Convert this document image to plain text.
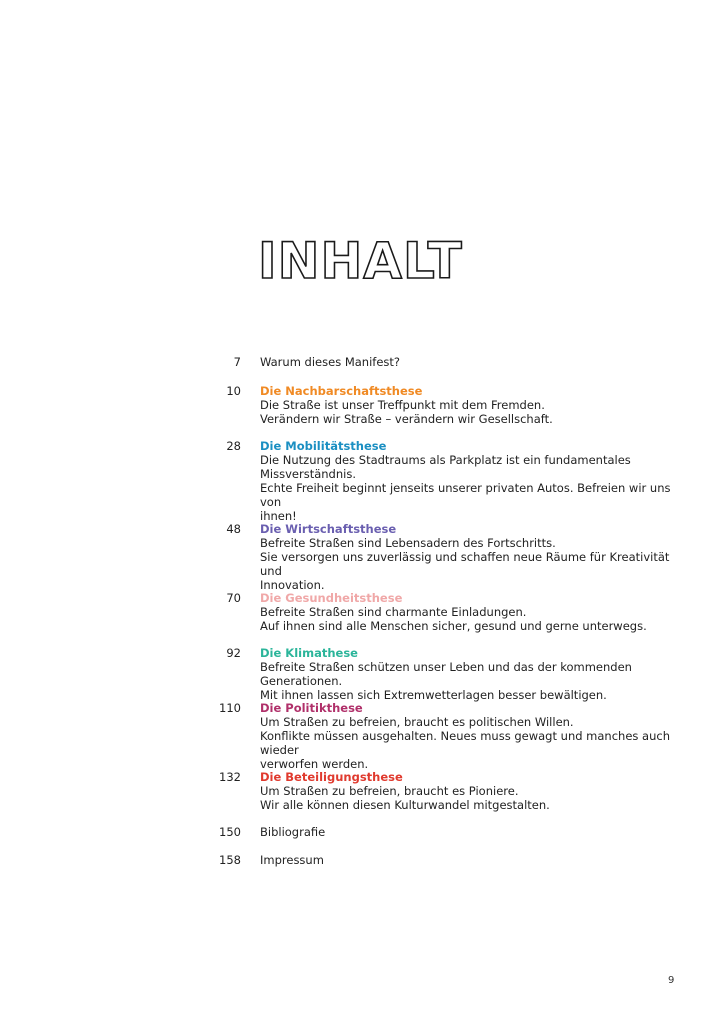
INHALT
7 Warum dieses Manifest?
10 Die Nachbarschaftsthese
Die Straße ist unser Treffpunkt mit dem Fremden.
Verändern wir Straße – verändern wir Gesellschaft.
28 Die Mobilitätsthese
Die Nutzung des Stadtraums als Parkplatz ist ein fundamentales
Missverständnis.
Echte Freiheit beginnt jenseits unserer privaten Autos. Befreien wir uns von
ihnen!
48 Die Wirtschaftsthese
Befreite Straßen sind Lebensadern des Fortschritts.
Sie versorgen uns zuverlässig und schaffen neue Räume für Kreativität und
Innovation.
70 Die Gesundheitsthese
Befreite Straßen sind charmante Einladungen.
Auf ihnen sind alle Menschen sicher, gesund und gerne unterwegs.
92 Die Klimathese
Befreite Straßen schützen unser Leben und das der kommenden Generationen.
Mit ihnen lassen sich Extremwetterlagen besser bewältigen.
110 Die Politikthese
Um Straßen zu befreien, braucht es politischen Willen.
Konflikte müssen ausgehalten. Neues muss gewagt und manches auch wieder
verworfen werden.
132 Die Beteiligungsthese
Um Straßen zu befreien, braucht es Pioniere.
Wir alle können diesen Kulturwandel mitgestalten.
150 Bibliografie
158 Impressum
9
